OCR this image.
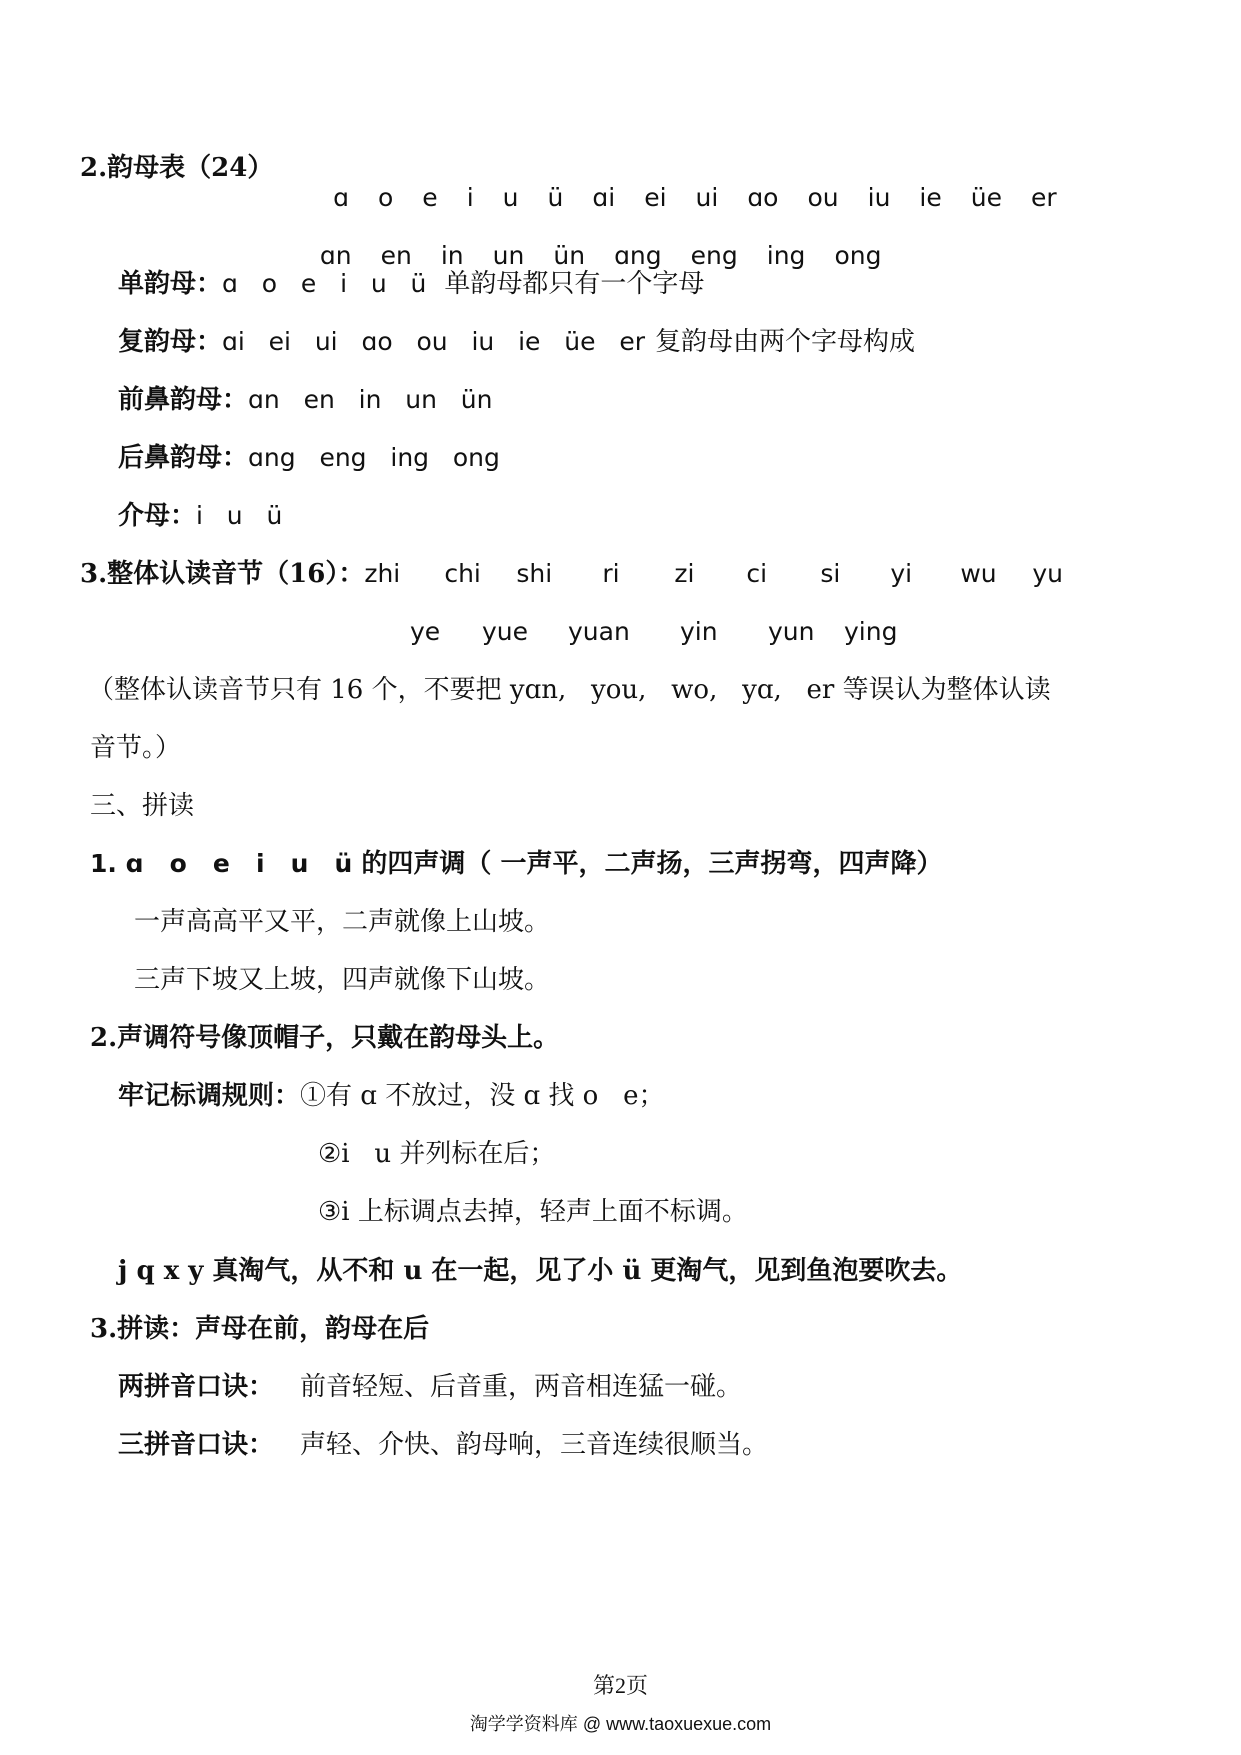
2.韵母表（24）

ɑ o e i u ü ɑi ei ui ɑo ou iu ie üe er

ɑn en in un ün ɑng eng ing ong

单韵母： ɑ   o   e   i   u   ü 单韵母都只有一个字母
复韵母： ɑi   ei   ui   ɑo   ou   iu   ie   üe   er 复韵母由两个字母构成
前鼻韵母： ɑn   en   in   un   ün
后鼻韵母： ɑng   eng   ing   ong
介母： i   u   ü
3.整体认读音节（16）： zhi	chi	shi	ri	zi	ci	si	yi	wu	yu
ye	yue	yuan	yin	yun	ying
（整体认读音节只有 16 个，不要把 yɑn,   you,   wo,   yɑ,   er 等误认为整体认读
音节。）
三、拼读
1. ɑ   o   e   i   u   ü 的四声调（ 一声平，二声扬，三声拐弯，四声降）
一声高高平又平，二声就像上山坡。
三声下坡又上坡，四声就像下山坡。
2.声调符号像顶帽子，只戴在韵母头上。
牢记标调规则： ①有 ɑ 不放过，没 ɑ 找 o   e；
②i   u 并列标在后；
③i 上标调点去掉，轻声上面不标调。
j q x y 真淘气，从不和 u 在一起，见了小 ü 更淘气，见到鱼泡要吹去。
3.拼读：声母在前，韵母在后
两拼音口诀： 前音轻短、后音重，两音相连猛一碰。
三拼音口诀： 声轻、介快、韵母响，三音连续很顺当。
第2页
淘学学资料库 @ www.taoxuexue.com
